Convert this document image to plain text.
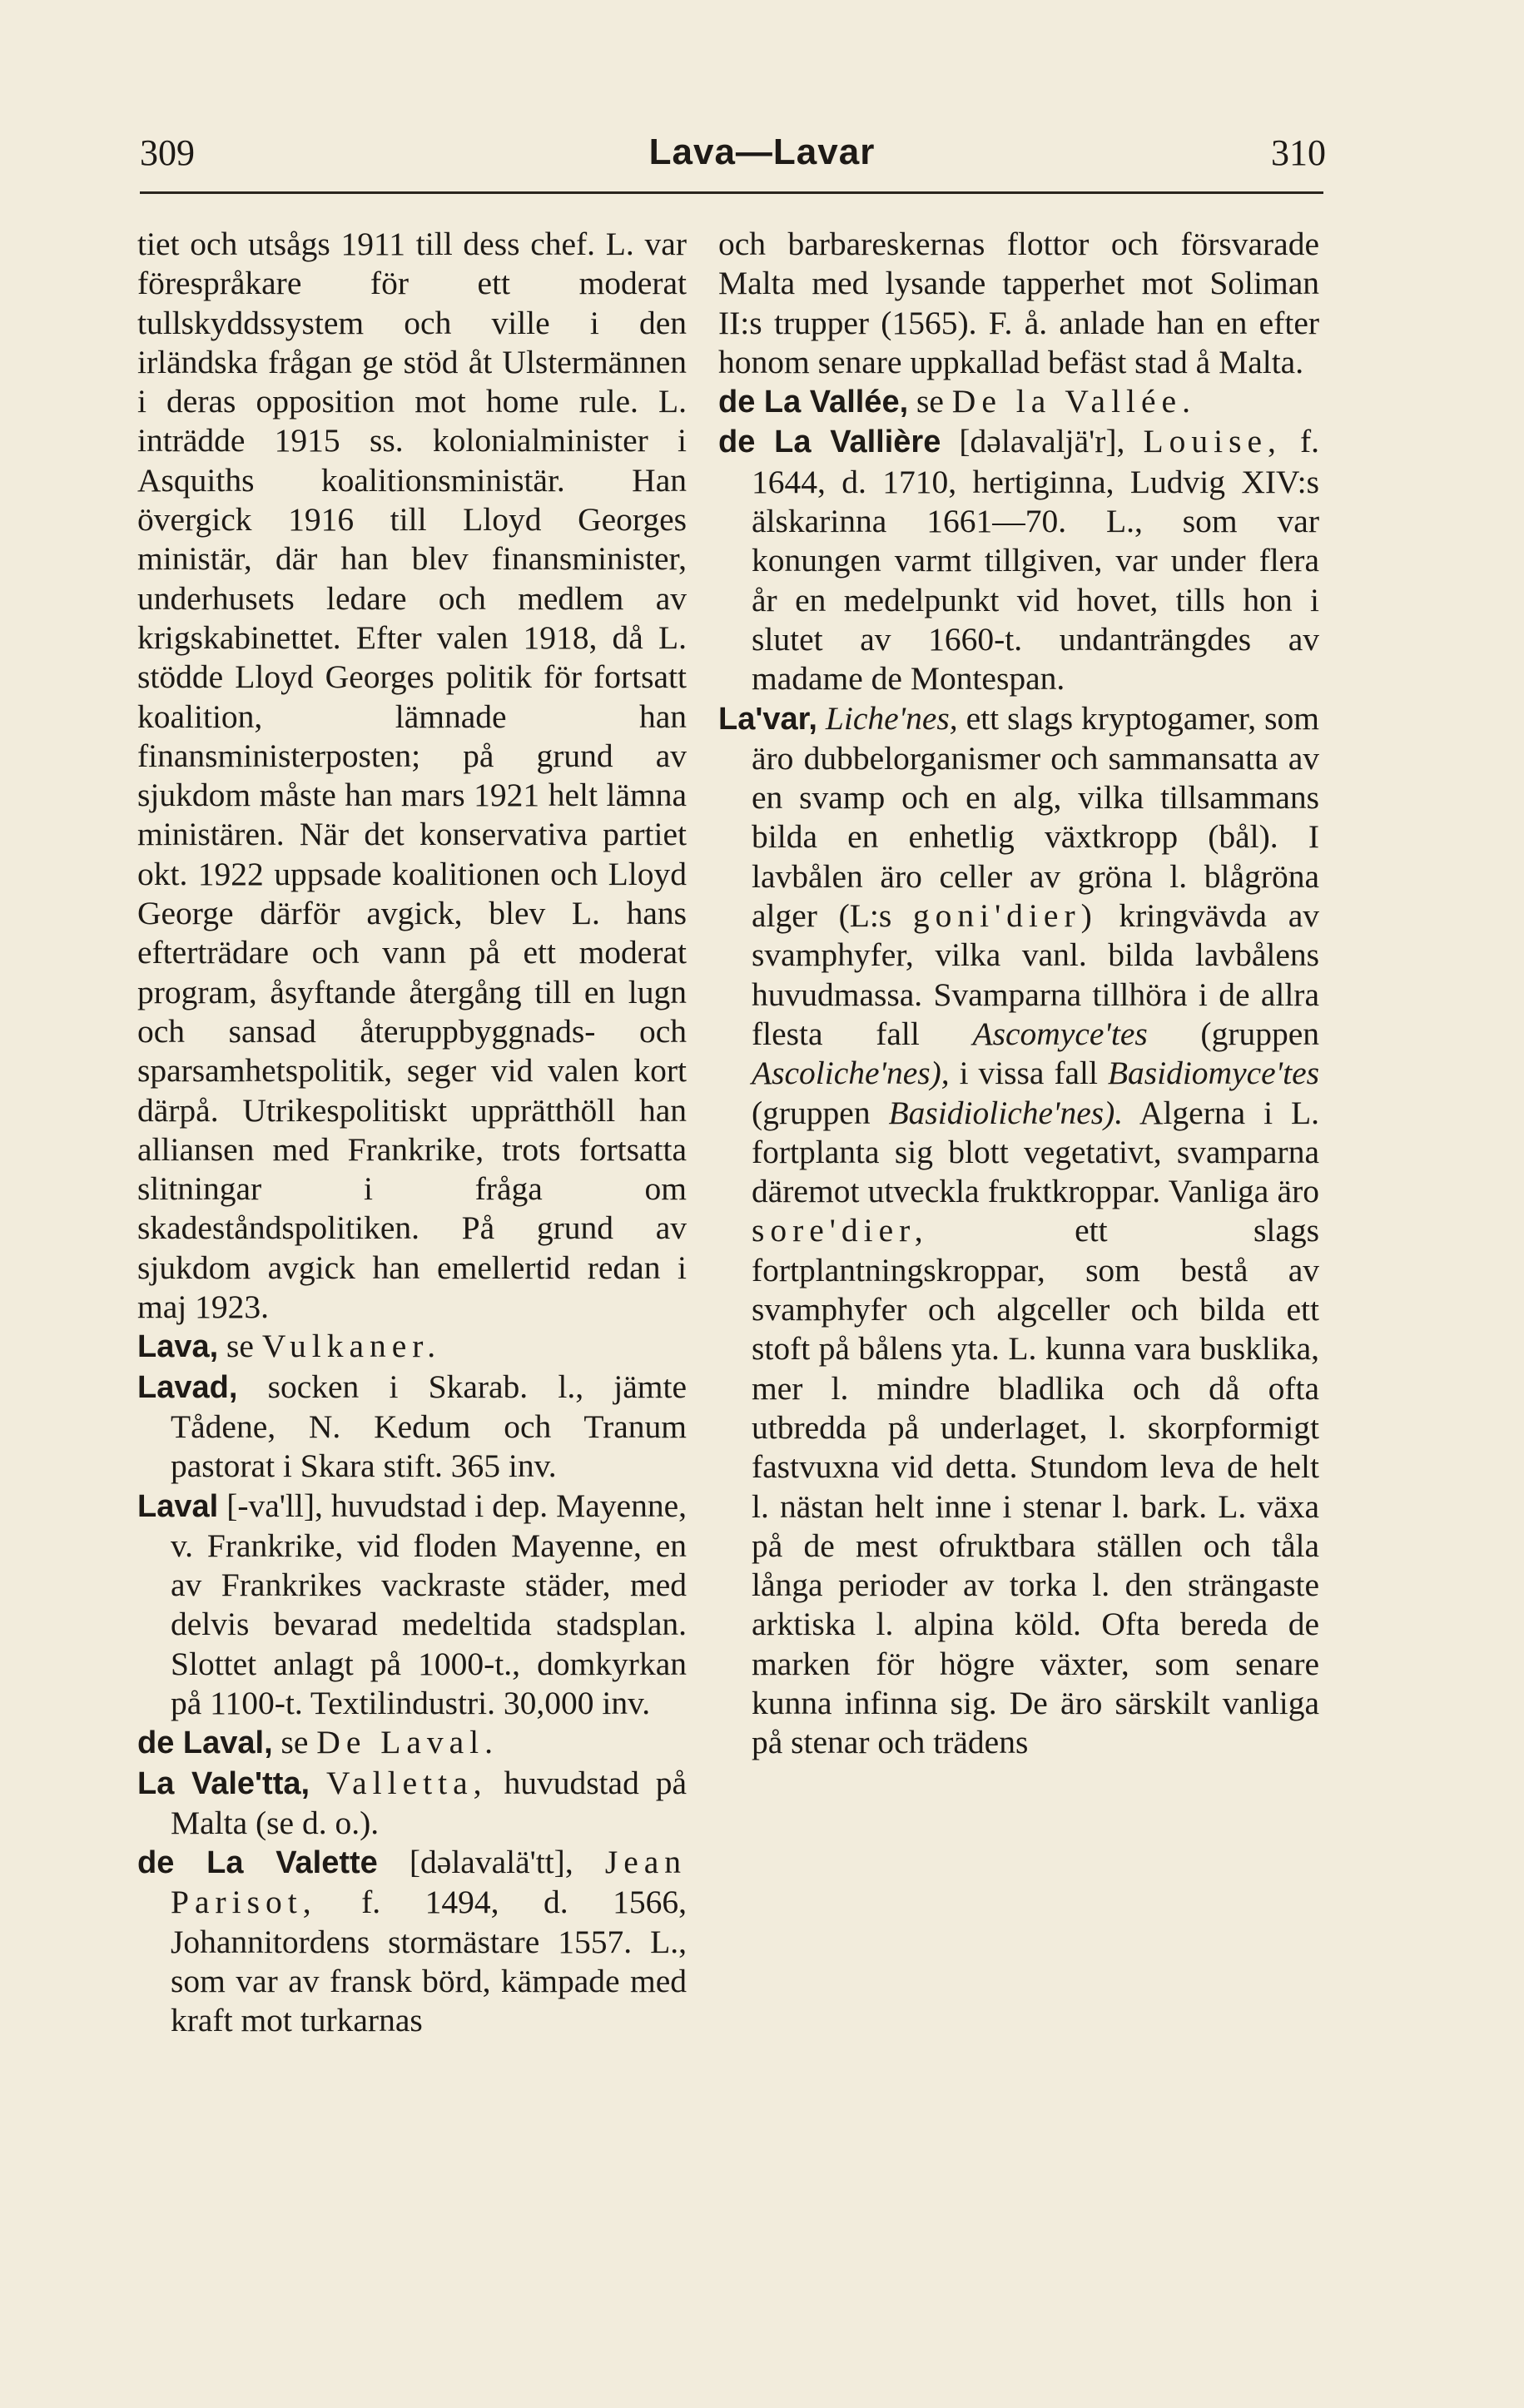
309	Lava—Lavar	310

tiet och utsågs 1911 till dess chef. L. var förespråkare för ett moderat tullskyddssystem och ville i den irländska frågan ge stöd åt Ulstermännen i deras opposition mot home rule. L. inträdde 1915 ss. kolonialminister i Asquiths koalitionsministär. Han övergick 1916 till Lloyd Georges ministär, där han blev finansminister, underhusets ledare och medlem av krigskabinettet. Efter valen 1918, då L. stödde Lloyd Georges politik för fortsatt koalition, lämnade han finansministerposten; på grund av sjukdom måste han mars 1921 helt lämna ministären. När det konservativa partiet okt. 1922 uppsade koalitionen och Lloyd George därför avgick, blev L. hans efterträdare och vann på ett moderat program, åsyftande återgång till en lugn och sansad återuppbyggnads- och sparsamhetspolitik, seger vid valen kort därpå. Utrikespolitiskt upprätthöll han alliansen med Frankrike, trots fortsatta slitningar i fråga om skadeståndspolitiken. På grund av sjukdom avgick han emellertid redan i maj 1923.

Lava, se Vulkaner.

Lavad, socken i Skarab. l., jämte Tådene, N. Kedum och Tranum pastorat i Skara stift. 365 inv.

Laval [-va'll], huvudstad i dep. Mayenne, v. Frankrike, vid floden Mayenne, en av Frankrikes vackraste städer, med delvis bevarad medeltida stadsplan. Slottet anlagt på 1000-t., domkyrkan på 1100-t. Textilindustri. 30,000 inv.

de Laval, se De Laval.

La Vale'tta, Valletta, huvudstad på Malta (se d. o.).

de La Valette [dəlavalä'tt], Jean Parisot, f. 1494, d. 1566, Johannitordens stormästare 1557. L., som var av fransk börd, kämpade med kraft mot turkarnas

och barbareskernas flottor och försvarade Malta med lysande tapperhet mot Soliman II:s trupper (1565). F. å. anlade han en efter honom senare uppkallad befäst stad å Malta.

de La Vallée, se De la Vallée.

de La Vallière [dəlavaljä'r], Louise, f. 1644, d. 1710, hertiginna, Ludvig XIV:s älskarinna 1661—70. L., som var konungen varmt tillgiven, var under flera år en medelpunkt vid hovet, tills hon i slutet av 1660-t. undanträngdes av madame de Montespan.

La'var, Liche'nes, ett slags kryptogamer, som äro dubbelorganismer och sammansatta av en svamp och en alg, vilka tillsammans bilda en enhetlig växtkropp (bål). I lavbålen äro celler av gröna l. blågröna alger (L:s goni'dier) kringvävda av svamphyfer, vilka vanl. bilda lavbålens huvudmassa. Svamparna tillhöra i de allra flesta fall Ascomyce'tes (gruppen Ascoliche'nes), i vissa fall Basidiomyce'tes (gruppen Basidioliche'nes). Algerna i L. fortplanta sig blott vegetativt, svamparna däremot utveckla fruktkroppar. Vanliga äro sore'dier,	ett slags fortplantningskroppar, som bestå av svamphyfer och algceller och bilda ett stoft på bålens yta. L. kunna vara busklika, mer l. mindre bladlika och då ofta utbredda på underlaget, l. skorpformigt fastvuxna vid detta. Stundom leva de helt l. nästan helt inne i stenar l. bark. L. växa på de mest ofruktbara ställen och tåla långa perioder av torka l. den strängaste arktiska l. alpina köld. Ofta bereda de marken för högre växter, som senare kunna infinna sig. De äro särskilt vanliga på stenar och trädens
